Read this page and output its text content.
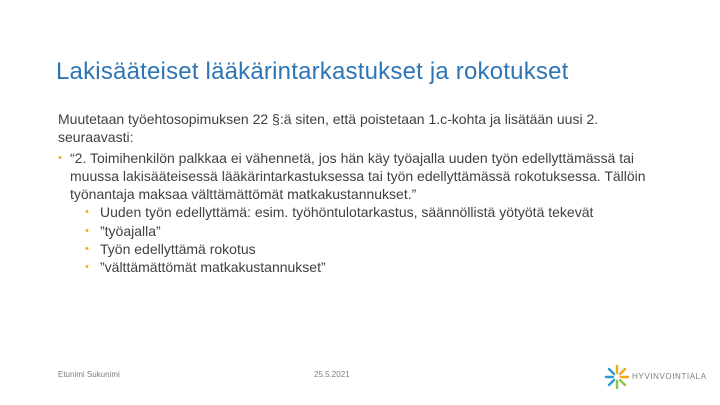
Lakisääteiset lääkärintarkastukset ja rokotukset

Muutetaan työehtosopimuksen 22 §:ä siten, että poistetaan 1.c-kohta ja lisätään uusi 2. seuraavasti:

• “2. Toimihenkilön palkkaa ei vähennetä, jos hän käy työajalla uuden työn edellyttämässä tai muussa lakisääteisessä lääkärintarkastuksessa tai työn edellyttämässä rokotuksessa. Tällöin työnantaja maksaa välttämättömät matkakustannukset.”
• Uuden työn edellyttämä: esim. työhöntulotarkastus, säännöllistä yötyötä tekevät
• ”työajalla”
• Työn edellyttämä rokotus
• ”välttämättömät matkakustannukset”
Etunimi Sukunimi	25.5.2021	HYVINVOINTIALA
